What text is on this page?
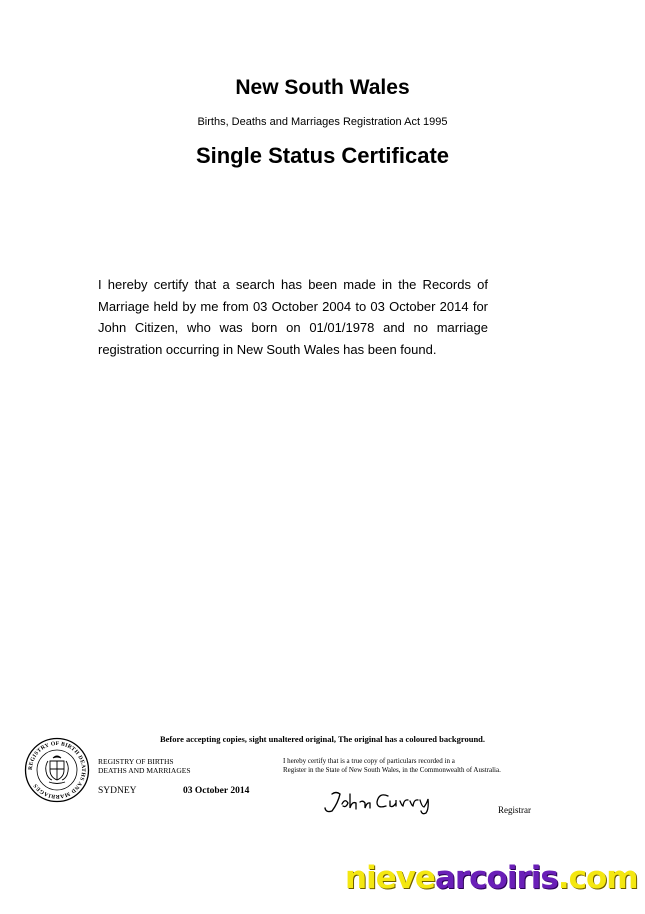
New South Wales
Births, Deaths and Marriages Registration Act 1995
Single Status Certificate
I hereby certify that a search has been made in the Records of Marriage held by me from 03 October 2004 to 03 October 2014 for John Citizen, who was born on 01/01/1978 and no marriage registration occurring in New South Wales has been found.
Before accepting copies, sight unaltered original, The original has a coloured background.
REGISTRY OF BIRTH DEATHS AND MARRIAGES
REGISTRY OF BIRTHS
DEATHS AND MARRIAGES
I hereby certify that is a true copy of particulars recorded in a
Register in the State of New South Wales, in the Commonwealth of Australia.
SYDNEY	03 October 2014
Registrar
nievearcoiris.com
